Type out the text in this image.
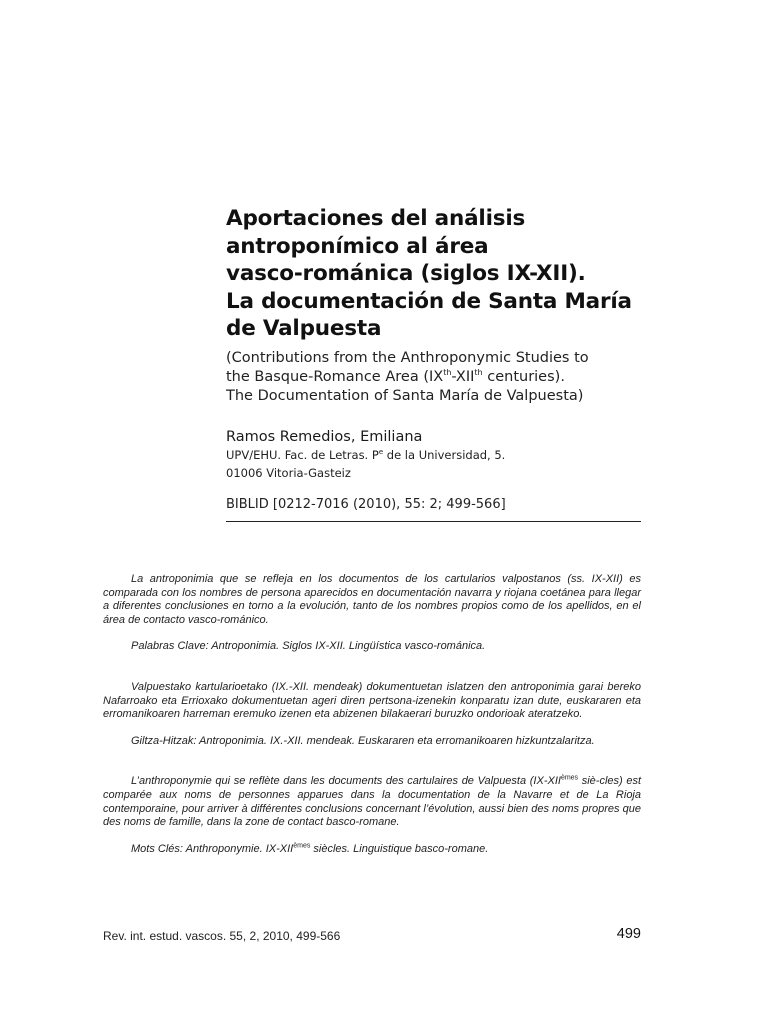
Aportaciones del análisis
antroponímico al área
vasco-románica (siglos IX-XII).
La documentación de Santa María
de Valpuesta
(Contributions from the Anthroponymic Studies to
the Basque-Romance Area (IXth-XIIth centuries).
The Documentation of Santa María de Valpuesta)
Ramos Remedios, Emiliana
UPV/EHU. Fac. de Letras. $P^e$ de la Universidad, 5.
01006 Vitoria-Gasteiz
BIBLID [0212-7016 (2010), 55: 2; 499-566]

La antroponimia que se refleja en los documentos de los cartularios valpostanos (ss. IX-XII) es comparada con los nombres de persona aparecidos en documentación navarra y riojana coetánea para llegar a diferentes conclusiones en torno a la evolución, tanto de los nombres propios como de los apellidos, en el área de contacto vasco-románico.

Palabras Clave: Antroponimia. Siglos IX-XII. Lingüística vasco-románica.

Valpuestako kartularioetako (IX.-XII. mendeak) dokumentuetan islatzen den antroponimia garai bereko Nafarroako eta Errioxako dokumentuetan ageri diren pertsona-izenekin konparatu izan dute, euskararen eta erromanikoaren harreman eremuko izenen eta abizenen bilakaerari buruzko ondorioak ateratzeko.

Giltza-Hitzak: Antroponimia. IX.-XII. mendeak. Euskararen eta erromanikoaren hizkuntzalaritza.

L’anthroponymie qui se reflète dans les documents des cartulaires de Valpuesta (IX-XIIèmes siè-cles) est comparée aux noms de personnes apparues dans la documentation de la Navarre et de La Rioja contemporaine, pour arriver à différentes conclusions concernant l’évolution, aussi bien des noms propres que des noms de famille, dans la zone de contact basco-romane.

Mots Clés: Anthroponymie. IX-XIIèmes siècles. Linguistique basco-romane.

Rev. int. estud. vascos. 55, 2, 2010, 499-566	499
